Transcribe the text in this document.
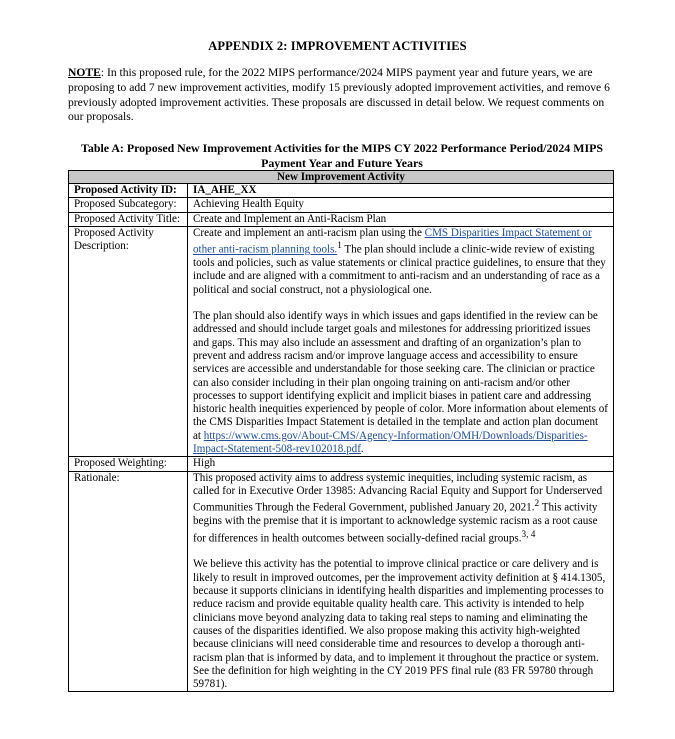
APPENDIX 2: IMPROVEMENT ACTIVITIES
NOTE: In this proposed rule, for the 2022 MIPS performance/2024 MIPS payment year and future years, we are proposing to add 7 new improvement activities, modify 15 previously adopted improvement activities, and remove 6 previously adopted improvement activities. These proposals are discussed in detail below. We request comments on our proposals.
Table A: Proposed New Improvement Activities for the MIPS CY 2022 Performance Period/2024 MIPS Payment Year and Future Years
New Improvement Activity	
Proposed Activity ID:	IA_AHE_XX
Proposed Subcategory:	Achieving Health Equity
Proposed Activity Title:	Create and Implement an Anti-Racism Plan
Proposed Activity Description:	Create and implement an anti-racism plan using the CMS Disparities Impact Statement or other anti-racism planning tools.$^1$ The plan should include a clinic-wide review of existing tools and policies, such as value statements or clinical practice guidelines, to ensure that they include and are aligned with a commitment to anti-racism and an understanding of race as a political and social construct, not a physiological one.

The plan should also identify ways in which issues and gaps identified in the review can be addressed and should include target goals and milestones for addressing prioritized issues and gaps. This may also include an assessment and drafting of an organization’s plan to prevent and address racism and/or improve language access and accessibility to ensure services are accessible and understandable for those seeking care. The clinician or practice can also consider including in their plan ongoing training on anti-racism and/or other processes to support identifying explicit and implicit biases in patient care and addressing historic health inequities experienced by people of color. More information about elements of the CMS Disparities Impact Statement is detailed in the template and action plan document at https://www.cms.gov/About-CMS/Agency-Information/OMH/Downloads/Disparities-Impact-Statement-508-rev102018.pdf.

Proposed Weighting:	High
Rationale:	This proposed activity aims to address systemic inequities, including systemic racism, as called for in Executive Order 13985: Advancing Racial Equity and Support for Underserved Communities Through the Federal Government, published January 20, 2021.$^2$ This activity begins with the premise that it is important to acknowledge systemic racism as a root cause for differences in health outcomes between socially-defined racial groups.$^{3, 4}$

We believe this activity has the potential to improve clinical practice or care delivery and is likely to result in improved outcomes, per the improvement activity definition at § 414.1305, because it supports clinicians in identifying health disparities and implementing processes to reduce racism and provide equitable quality health care. This activity is intended to help clinicians move beyond analyzing data to taking real steps to naming and eliminating the causes of the disparities identified. We also propose making this activity high-weighted because clinicians will need considerable time and resources to develop a thorough anti-racism plan that is informed by data, and to implement it throughout the practice or system. See the definition for high weighting in the CY 2019 PFS final rule (83 FR 59780 through 59781).
